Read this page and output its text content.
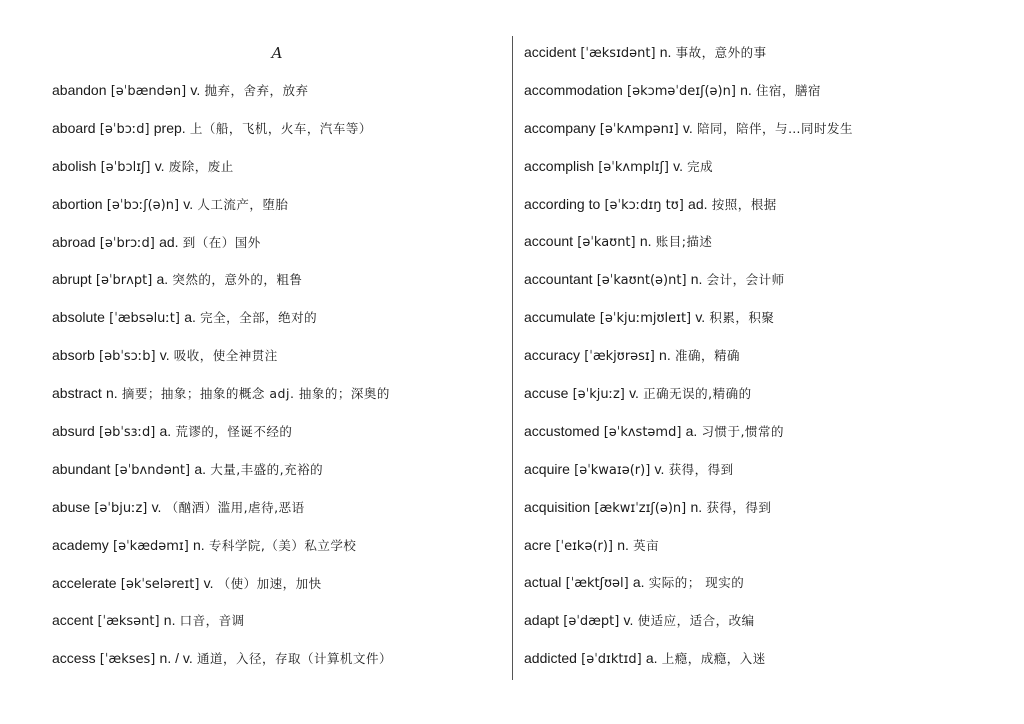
A
abandon [əˈbændən] v. 抛弃，舍弃，放弃
aboard [əˈbɔːd] prep. 上（船，飞机，火车，汽车等）
abolish [əˈbɔlɪʃ] v. 废除，废止
abortion [əˈbɔːʃ(ə)n] v. 人工流产，堕胎
abroad [əˈbrɔːd] ad. 到（在）国外
abrupt [əˈbrʌpt] a. 突然的，意外的，粗鲁
absolute [ˈæbsəluːt] a. 完全，全部，绝对的
absorb [əbˈsɔːb] v. 吸收，使全神贯注
abstract n. 摘要；抽象；抽象的概念 adj. 抽象的；深奥的
absurd [əbˈsɜːd] a. 荒谬的，怪诞不经的
abundant [əˈbʌndənt] a. 大量,丰盛的,充裕的
abuse [əˈbjuːz] v. （酗酒）滥用,虐待,恶语
academy [əˈkædəmɪ] n. 专科学院,（美）私立学校
accelerate [əkˈseləreɪt] v. （使）加速，加快
accent [ˈæksənt] n. 口音，音调
access [ˈækses] n. / v. 通道，入径，存取（计算机文件）
accident [ˈæksɪdənt] n. 事故，意外的事
accommodation [əkɔməˈdeɪʃ(ə)n] n. 住宿，膳宿
accompany [əˈkʌmpənɪ] v. 陪同，陪伴，与…同时发生
accomplish [əˈkʌmplɪʃ] v. 完成
according to [əˈkɔːdɪŋ tʊ] ad. 按照，根据
account [əˈkaʊnt] n. 账目;描述
accountant [əˈkaʊnt(ə)nt] n. 会计，会计师
accumulate [əˈkjuːmjʊleɪt] v. 积累，积聚
accuracy [ˈækjʊrəsɪ] n. 准确，精确
accuse [əˈkjuːz] v. 正确无误的,精确的
accustomed [əˈkʌstəmd] a. 习惯于,惯常的
acquire [əˈkwaɪə(r)] v. 获得，得到
acquisition [ækwɪˈzɪʃ(ə)n] n. 获得，得到
acre [ˈeɪkə(r)] n. 英亩
actual [ˈæktʃʊəl] a. 实际的； 现实的
adapt [əˈdæpt] v. 使适应，适合，改编
addicted [əˈdɪktɪd] a. 上瘾，成瘾，入迷
